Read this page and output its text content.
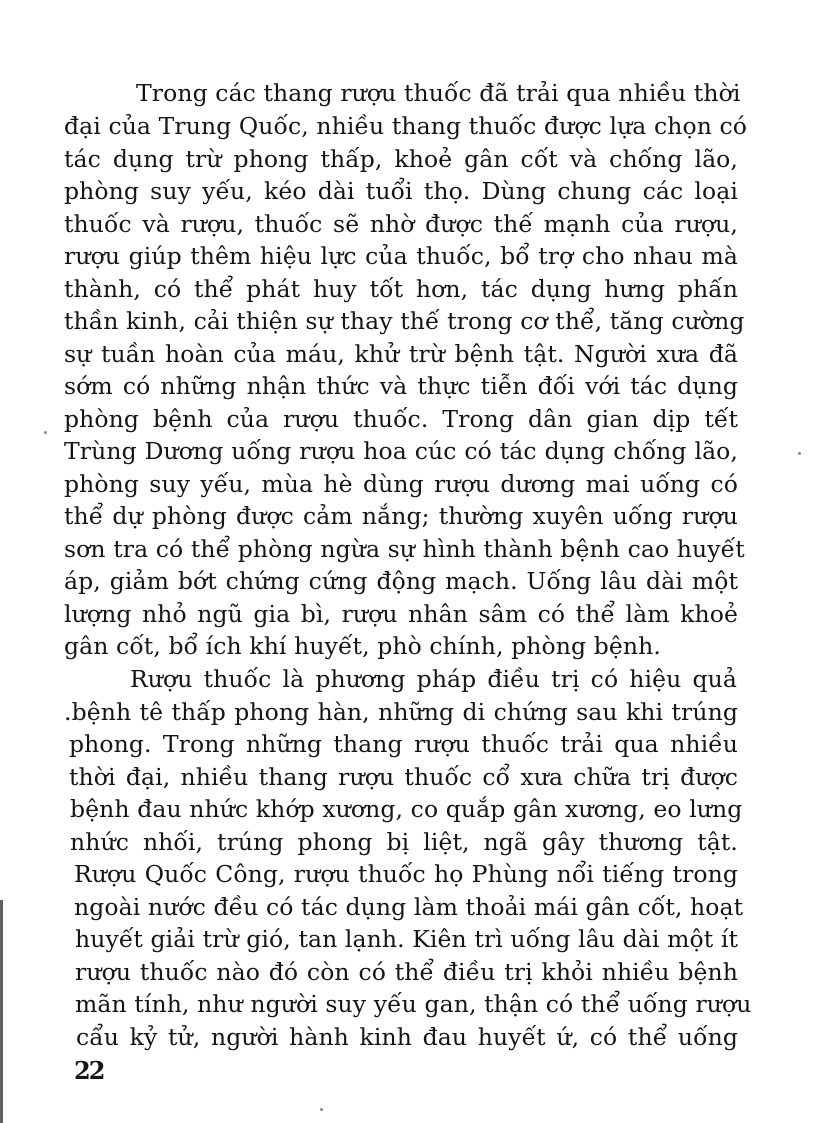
Trong các thang rượu thuốc đã trải qua nhiều thời
đại của Trung Quốc, nhiều thang thuốc được lựa chọn có
tác dụng trừ phong thấp, khoẻ gân cốt và chống lão,
phòng suy yếu, kéo dài tuổi thọ. Dùng chung các loại
thuốc và rượu, thuốc sẽ nhờ được thế mạnh của rượu,
rượu giúp thêm hiệu lực của thuốc, bổ trợ cho nhau mà
thành, có thể phát huy tốt hơn, tác dụng hưng phấn
thần kinh, cải thiện sự thay thế trong cơ thể, tăng cường
sự tuần hoàn của máu, khử trừ bệnh tật. Người xưa đã
sớm có những nhận thức và thực tiễn đối với tác dụng
phòng bệnh của rượu thuốc. Trong dân gian dịp tết
Trùng Dương uống rượu hoa cúc có tác dụng chống lão,
phòng suy yếu, mùa hè dùng rượu dương mai uống có
thể dự phòng được cảm nắng; thường xuyên uống rượu
sơn tra có thể phòng ngừa sự hình thành bệnh cao huyết
áp, giảm bớt chứng cứng động mạch. Uống lâu dài một
lượng nhỏ ngũ gia bì, rượu nhân sâm có thể làm khoẻ
gân cốt, bổ ích khí huyết, phò chính, phòng bệnh.
Rượu thuốc là phương pháp điều trị có hiệu quả
.bệnh tê thấp phong hàn, những di chứng sau khi trúng
phong. Trong những thang rượu thuốc trải qua nhiều
thời đại, nhiều thang rượu thuốc cổ xưa chữa trị được
bệnh đau nhức khớp xương, co quắp gân xương, eo lưng
nhức nhối, trúng phong bị liệt, ngã gây thương tật.
Rượu Quốc Công, rượu thuốc họ Phùng nổi tiếng trong
ngoài nước đều có tác dụng làm thoải mái gân cốt, hoạt
huyết giải trừ gió, tan lạnh. Kiên trì uống lâu dài một ít
rượu thuốc nào đó còn có thể điều trị khỏi nhiều bệnh
mãn tính, như người suy yếu gan, thận có thể uống rượu
cẩu kỷ tử, người hành kinh đau huyết ứ, có thể uống
22
